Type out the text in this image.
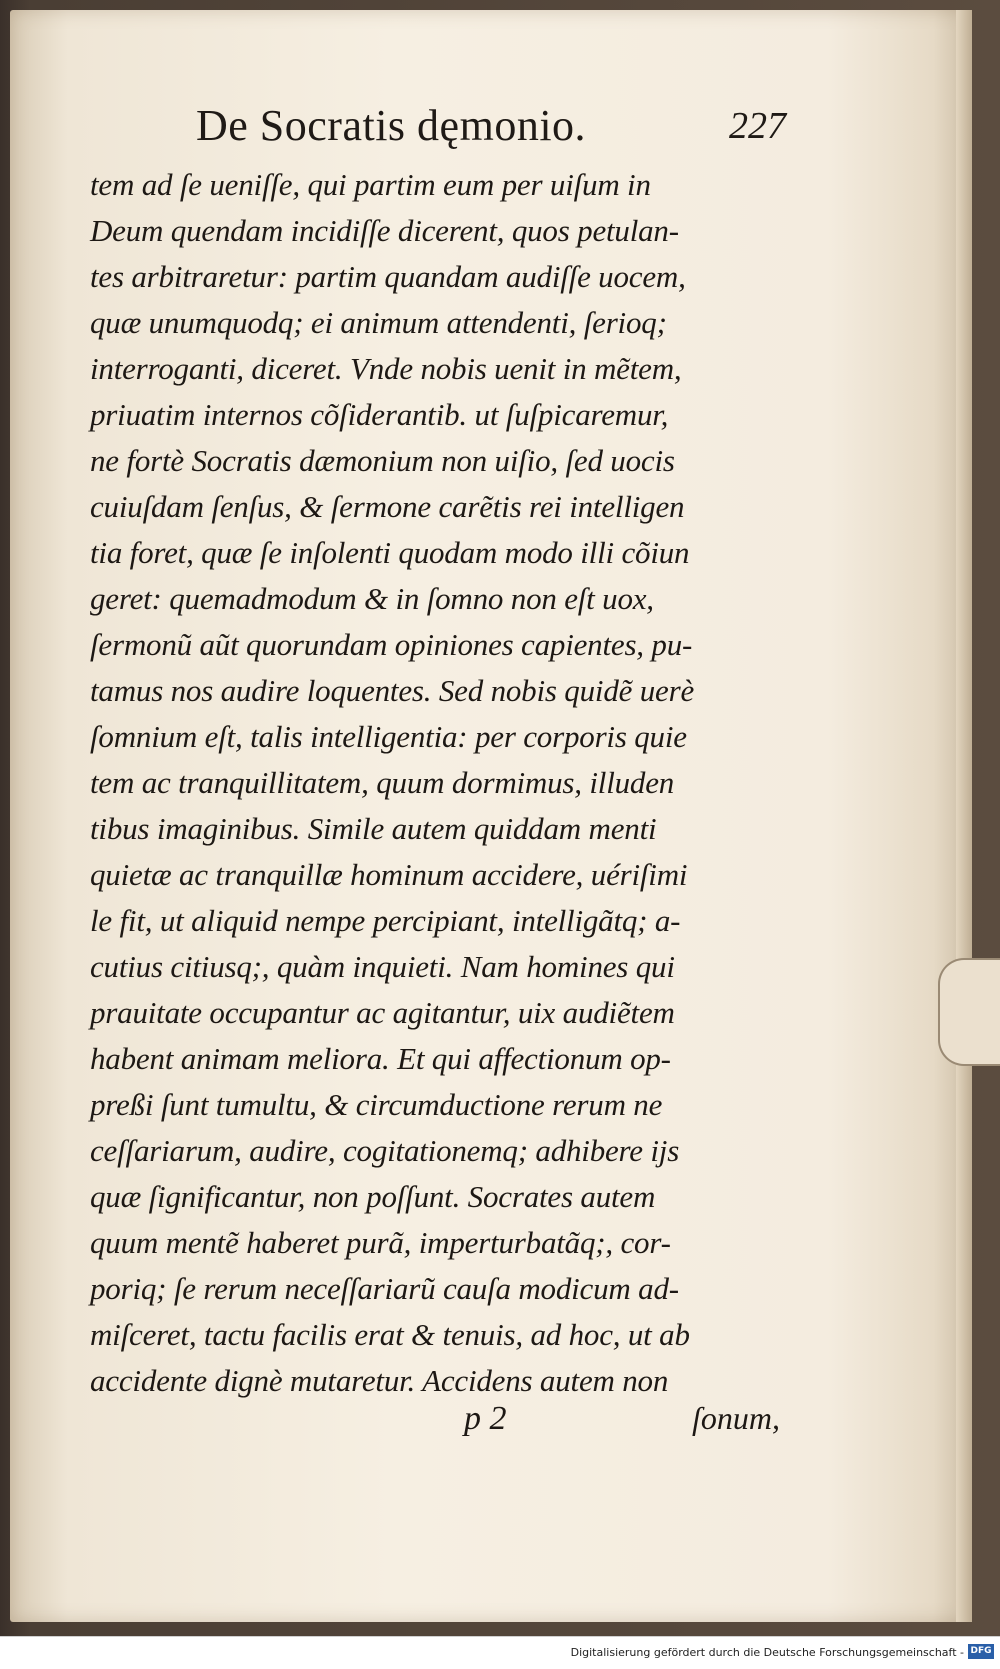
De Socratis dęmonio.	227
tem ad ſe ueniſſe, qui partim eum per uiſum in
Deum quendam incidiſſe dicerent, quos petulan-
tes arbitraretur: partim quandam audiſſe uocem,
quæ unumquodq; ei animum attendenti, ſerioq;
interroganti, diceret. Vnde nobis uenit in mẽtem,
priuatim internos cõſiderantib. ut ſuſpicaremur,
ne fortè Socratis dæmonium non uiſio, ſed uocis
cuiuſdam ſenſus, & ſermone carẽtis rei intelligen
tia foret, quæ ſe inſolenti quodam modo illi cõiun
geret: quemadmodum & in ſomno non eſt uox,
ſermonũ aũt quorundam opiniones capientes, pu-
tamus nos audire loquentes. Sed nobis quidẽ uerè
ſomnium eſt, talis intelligentia: per corporis quie
tem ac tranquillitatem, quum dormimus, illuden
tibus imaginibus. Simile autem quiddam menti
quietæ ac tranquillæ hominum accidere, uériſimi
le fit, ut aliquid nempe percipiant, intelligãtq; a-
cutius citiusq;, quàm inquieti. Nam homines qui
prauitate occupantur ac agitantur, uix audiẽtem
habent animam meliora. Et qui affectionum op-
preßi ſunt tumultu, & circumductione rerum ne
ceſſariarum, audire, cogitationemq; adhibere ijs
quæ ſignificantur, non poſſunt. Socrates autem
quum mentẽ haberet purã, imperturbatãq;, cor-
poriq; ſe rerum neceſſariarũ cauſa modicum ad-
miſceret, tactu facilis erat & tenuis, ad hoc, ut ab
accidente dignè mutaretur. Accidens autem non
p 2	ſonum,
Digitalisierung gefördert durch die Deutsche Forschungsgemeinschaft - DFG
